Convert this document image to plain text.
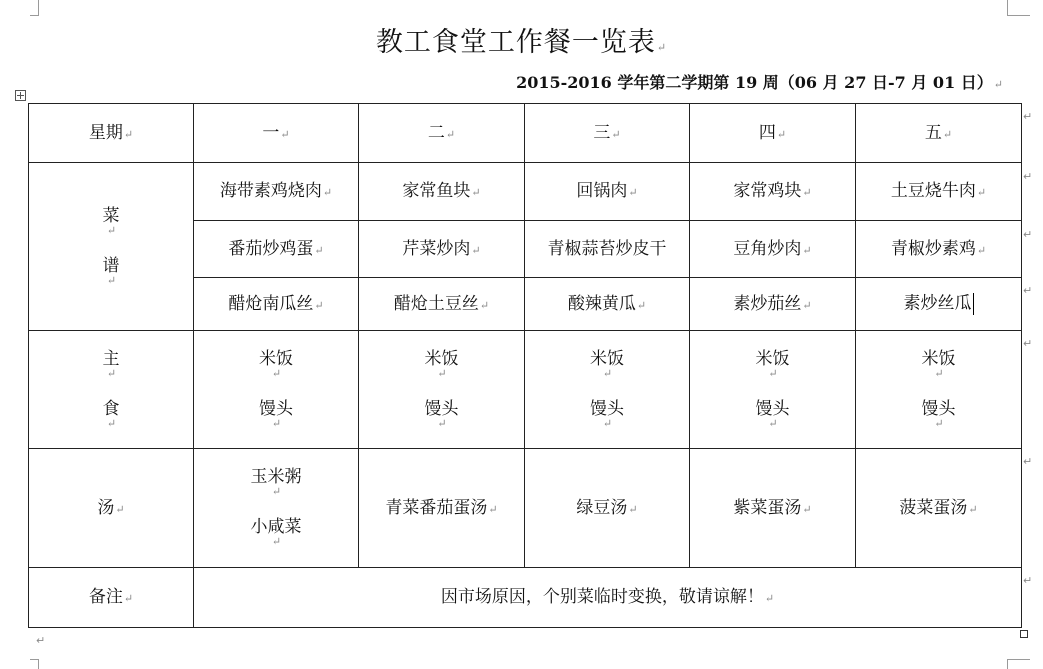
教工食堂工作餐一览表↵
2015-2016 学年第二学期第 19 周（06 月 27 日-7 月 01 日）↵
星期↵	一↵	二↵	三↵	四↵	五↵

菜
↵
谱
↵	海带素鸡烧肉↵	家常鱼块↵	回锅肉↵	家常鸡块↵	土豆烧牛肉↵
	番茄炒鸡蛋↵	芹菜炒肉↵	青椒蒜苔炒皮干	豆角炒肉↵	青椒炒素鸡↵
	醋炝南瓜丝↵	醋炝土豆丝↵	酸辣黄瓜↵	素炒茄丝↵	素炒丝瓜

主
↵
食
↵	米饭
↵
馒头
↵	米饭
↵
馒头
↵	米饭
↵
馒头
↵	米饭
↵
馒头
↵	米饭
↵
馒头
↵

汤↵	玉米粥
↵
小咸菜
↵	青菜番茄蛋汤↵	绿豆汤↵	紫菜蛋汤↵	菠菜蛋汤↵
备注↵	因市场原因，个别菜临时变换，敬请谅解！↵				
↵
↵
↵
↵
↵
↵
↵
↵
